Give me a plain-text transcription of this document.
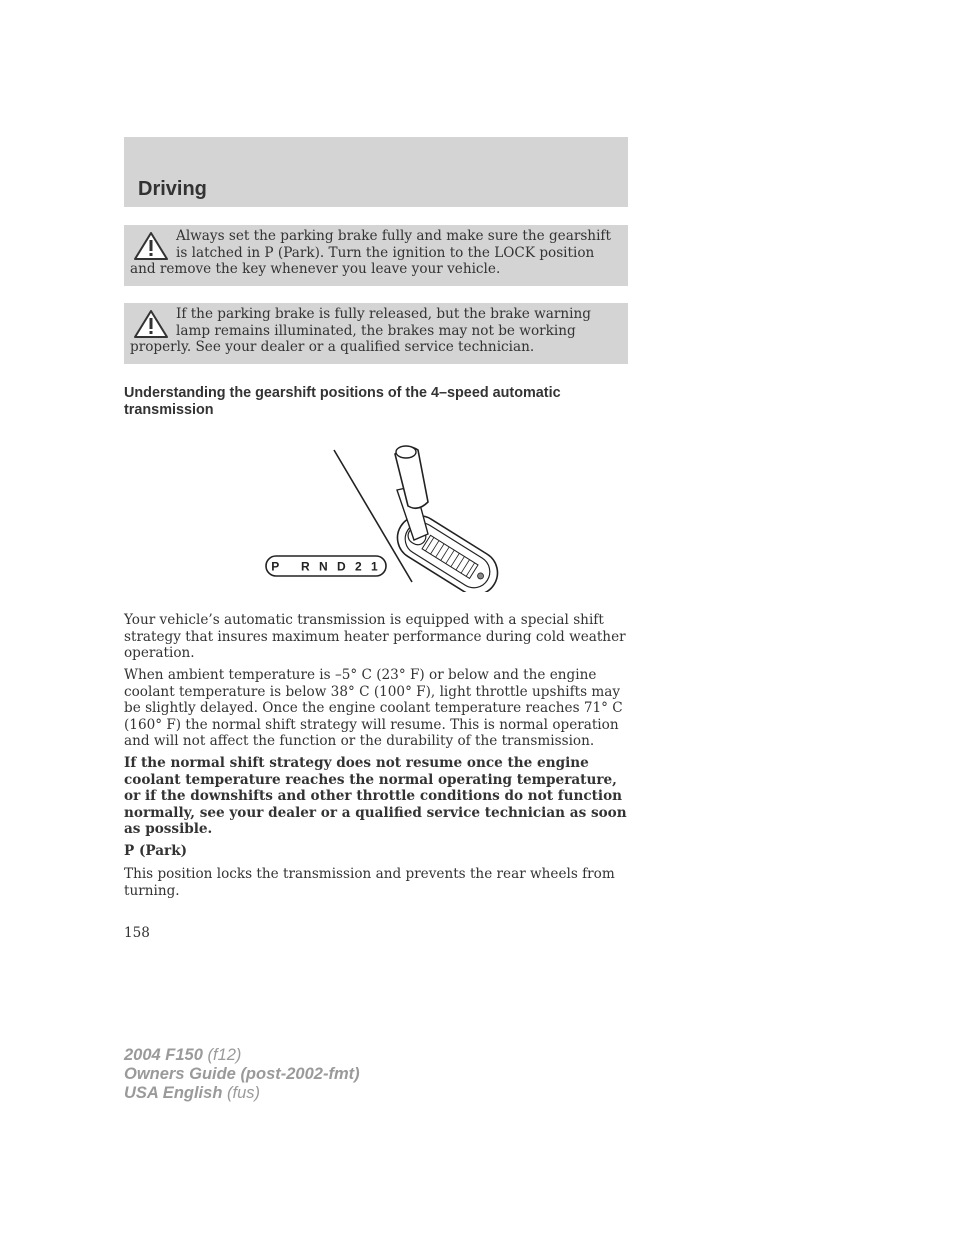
Driving
Always set the parking brake fully and make sure the gearshift is latched in P (Park). Turn the ignition to the LOCK position and remove the key whenever you leave your vehicle.
If the parking brake is fully released, but the brake warning lamp remains illuminated, the brakes may not be working properly. See your dealer or a qualified service technician.
Understanding the gearshift positions of the 4–speed automatic transmission
P   R N D 2 1

Your vehicle’s automatic transmission is equipped with a special shift strategy that insures maximum heater performance during cold weather operation.

When ambient temperature is –5° C (23° F) or below and the engine coolant temperature is below 38° C (100° F), light throttle upshifts may be slightly delayed. Once the engine coolant temperature reaches 71° C (160° F) the normal shift strategy will resume. This is normal operation and will not affect the function or the durability of the transmission.

If the normal shift strategy does not resume once the engine coolant temperature reaches the normal operating temperature, or if the downshifts and other throttle conditions do not function normally, see your dealer or a qualified service technician as soon as possible.

P (Park)

This position locks the transmission and prevents the rear wheels from turning.

158

2004 F150 (f12)
Owners Guide (post-2002-fmt)
USA English (fus)
